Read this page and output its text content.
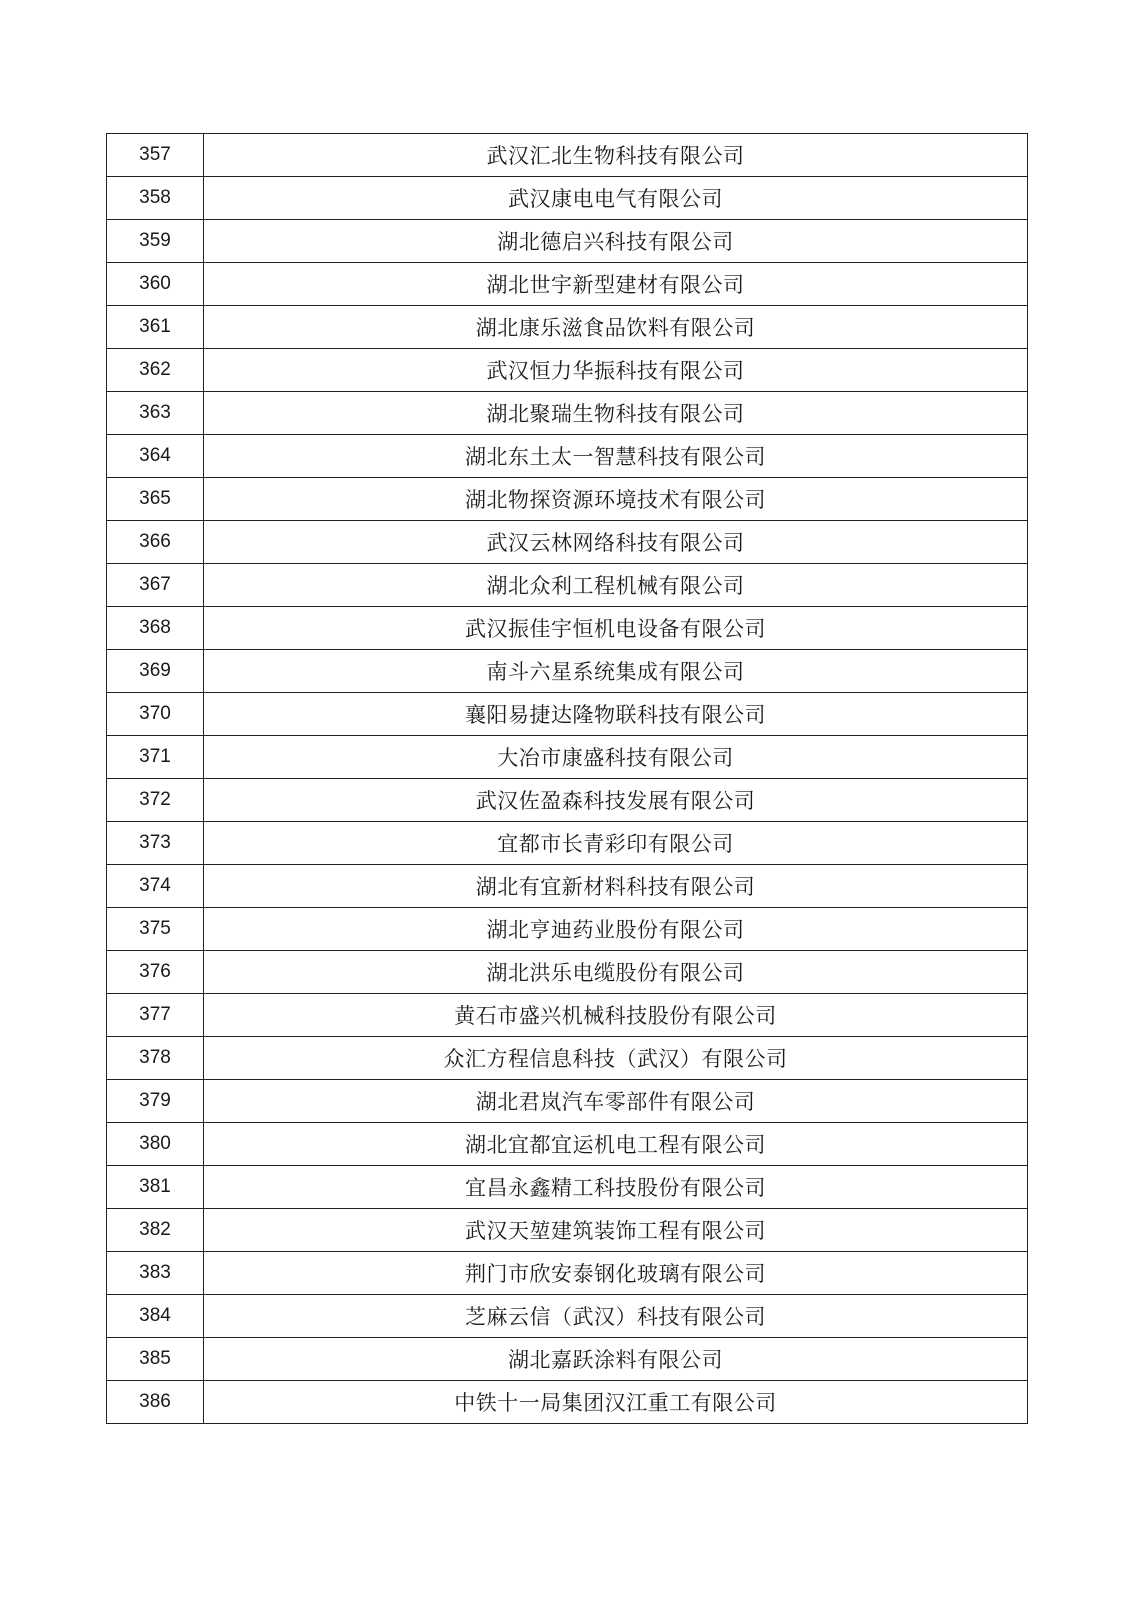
357	武汉汇北生物科技有限公司
358	武汉康电电气有限公司
359	湖北德启兴科技有限公司
360	湖北世宇新型建材有限公司
361	湖北康乐滋食品饮料有限公司
362	武汉恒力华振科技有限公司
363	湖北聚瑞生物科技有限公司
364	湖北东土太一智慧科技有限公司
365	湖北物探资源环境技术有限公司
366	武汉云林网络科技有限公司
367	湖北众利工程机械有限公司
368	武汉振佳宇恒机电设备有限公司
369	南斗六星系统集成有限公司
370	襄阳易捷达隆物联科技有限公司
371	大冶市康盛科技有限公司
372	武汉佐盈森科技发展有限公司
373	宜都市长青彩印有限公司
374	湖北有宜新材料科技有限公司
375	湖北亨迪药业股份有限公司
376	湖北洪乐电缆股份有限公司
377	黄石市盛兴机械科技股份有限公司
378	众汇方程信息科技（武汉）有限公司
379	湖北君岚汽车零部件有限公司
380	湖北宜都宜运机电工程有限公司
381	宜昌永鑫精工科技股份有限公司
382	武汉天堃建筑装饰工程有限公司
383	荆门市欣安泰钢化玻璃有限公司
384	芝麻云信（武汉）科技有限公司
385	湖北嘉跃涂料有限公司
386	中铁十一局集团汉江重工有限公司
